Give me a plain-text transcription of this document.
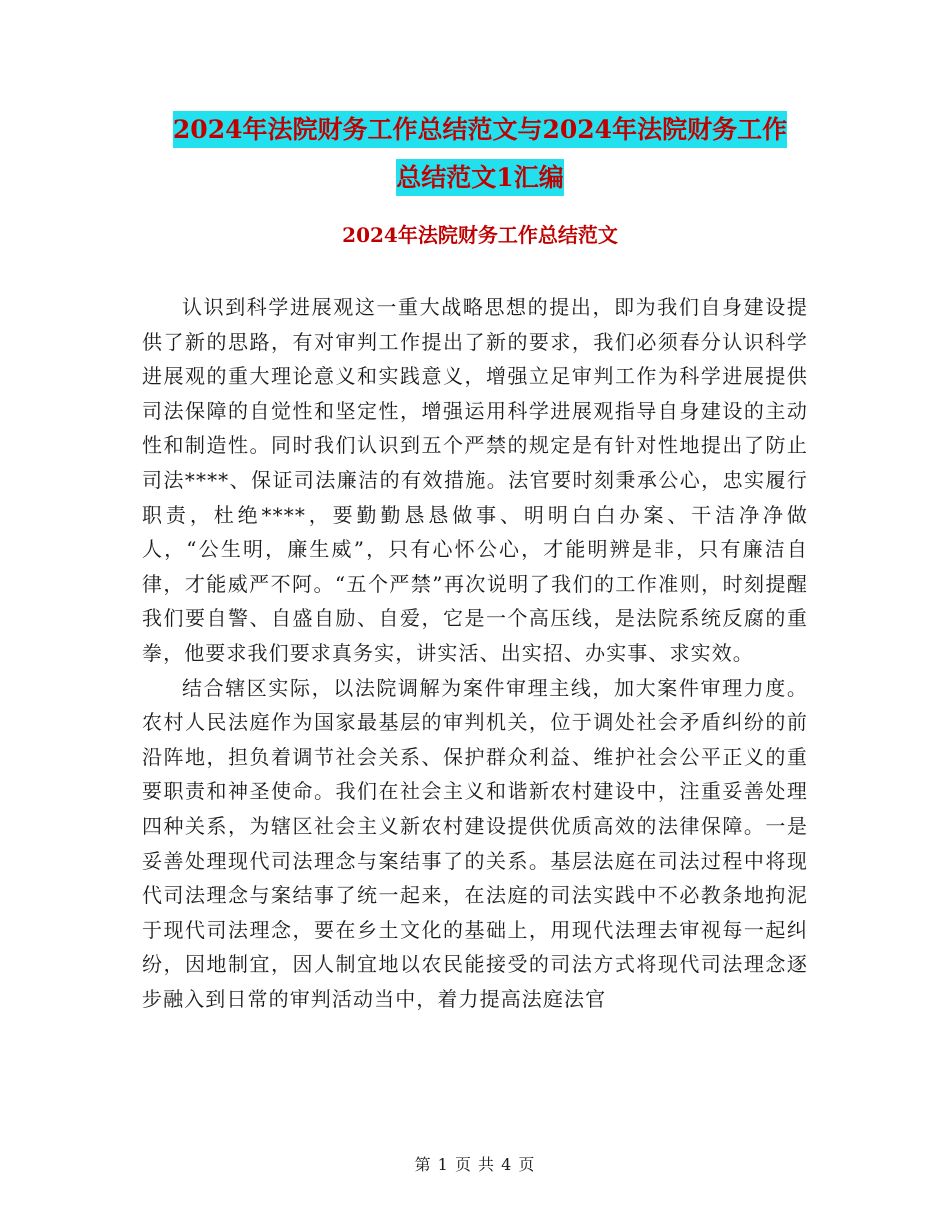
2024年法院财务工作总结范文与2024年法院财务工作
总结范文1汇编
2024年法院财务工作总结范文

认识到科学进展观这一重大战略思想的提出，即为我们自身建设提供了新的思路，有对审判工作提出了新的要求，我们必须春分认识科学进展观的重大理论意义和实践意义，增强立足审判工作为科学进展提供司法保障的自觉性和坚定性，增强运用科学进展观指导自身建设的主动性和制造性。同时我们认识到五个严禁的规定是有针对性地提出了防止司法****、保证司法廉洁的有效措施。法官要时刻秉承公心，忠实履行职责，杜绝****，要勤勤恳恳做事、明明白白办案、干洁净净做人，“公生明，廉生威”，只有心怀公心，才能明辨是非，只有廉洁自律，才能威严不阿。“五个严禁”再次说明了我们的工作准则，时刻提醒我们要自警、自盛自励、自爱，它是一个高压线，是法院系统反腐的重拳，他要求我们要求真务实，讲实活、出实招、办实事、求实效。

结合辖区实际，以法院调解为案件审理主线，加大案件审理力度。农村人民法庭作为国家最基层的审判机关，位于调处社会矛盾纠纷的前沿阵地，担负着调节社会关系、保护群众利益、维护社会公平正义的重要职责和神圣使命。我们在社会主义和谐新农村建设中，注重妥善处理四种关系，为辖区社会主义新农村建设提供优质高效的法律保障。一是妥善处理现代司法理念与案结事了的关系。基层法庭在司法过程中将现代司法理念与案结事了统一起来，在法庭的司法实践中不必教条地拘泥于现代司法理念，要在乡土文化的基础上，用现代法理去审视每一起纠纷，因地制宜，因人制宜地以农民能接受的司法方式将现代司法理念逐步融入到日常的审判活动当中，着力提高法庭法官

第 1 页 共 4 页
